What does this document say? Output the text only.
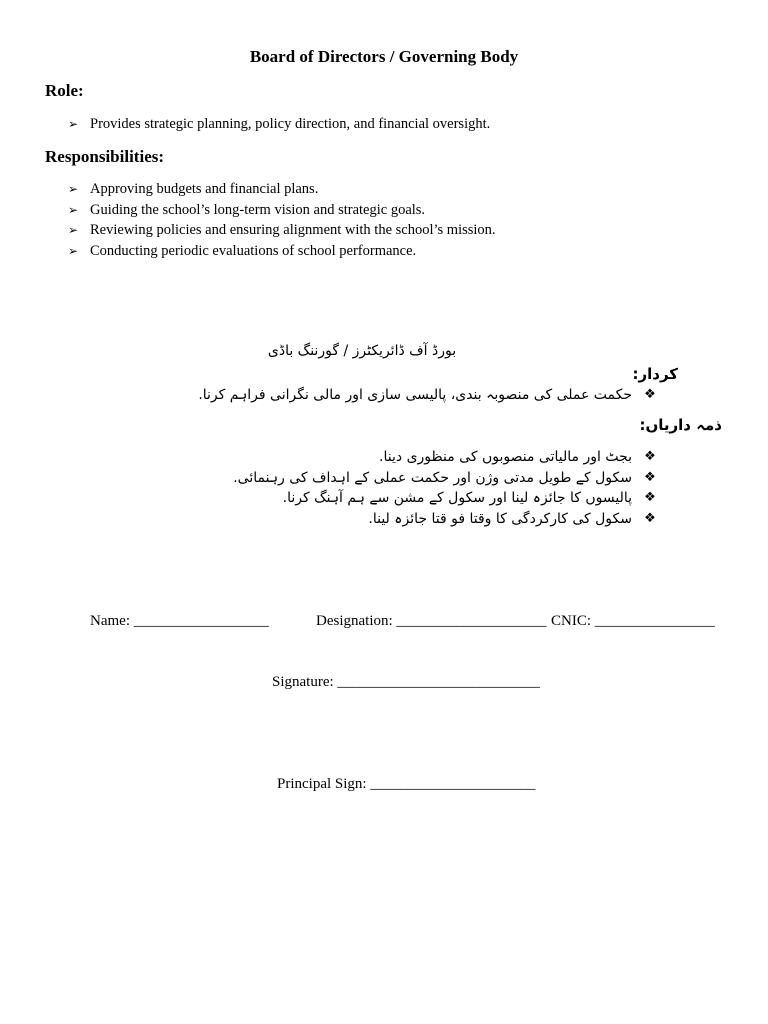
Board of Directors / Governing Body
Role:
➢ Provides strategic planning, policy direction, and financial oversight.
Responsibilities:
➢ Approving budgets and financial plans.
➢ Guiding the school’s long-term vision and strategic goals.
➢ Reviewing policies and ensuring alignment with the school’s mission.
➢ Conducting periodic evaluations of school performance.
بورڈ آف ڈائریکٹرز / گورننگ باڈی
کردار:
❖
حکمت عملی کی منصوبہ بندی، پالیسی سازی اور مالی نگرانی فراہم کرنا.
ذمہ داریاں:
❖
بجٹ اور مالیاتی منصوبوں کی منظوری دینا.
❖
سکول کے طویل مدتی وژن اور حکمت عملی کے اہداف کی رہنمائی.
❖
پالیسوں کا جائزہ لینا اور سکول کے مشن سے ہم آہنگ کرنا.
❖
سکول کی کارکردگی کا وقتا فو قتا جائزہ لینا.
Name: __________________	Designation: ____________________ CNIC: ________________
Signature: ___________________________
Principal Sign: ______________________
